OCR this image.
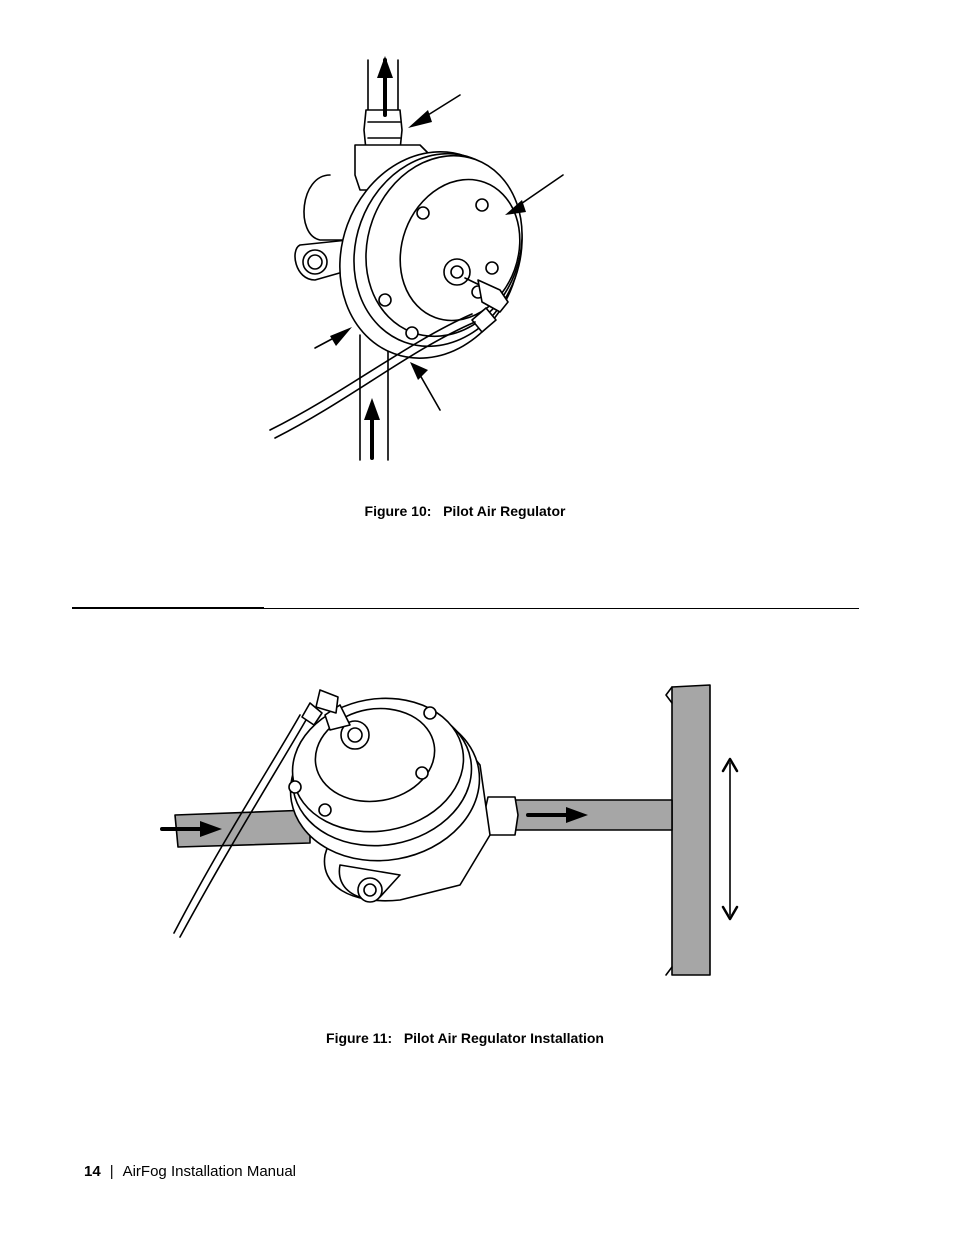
Figure 10:   Pilot Air Regulator
Figure 11:   Pilot Air Regulator Installation
14 | AirFog Installation Manual
